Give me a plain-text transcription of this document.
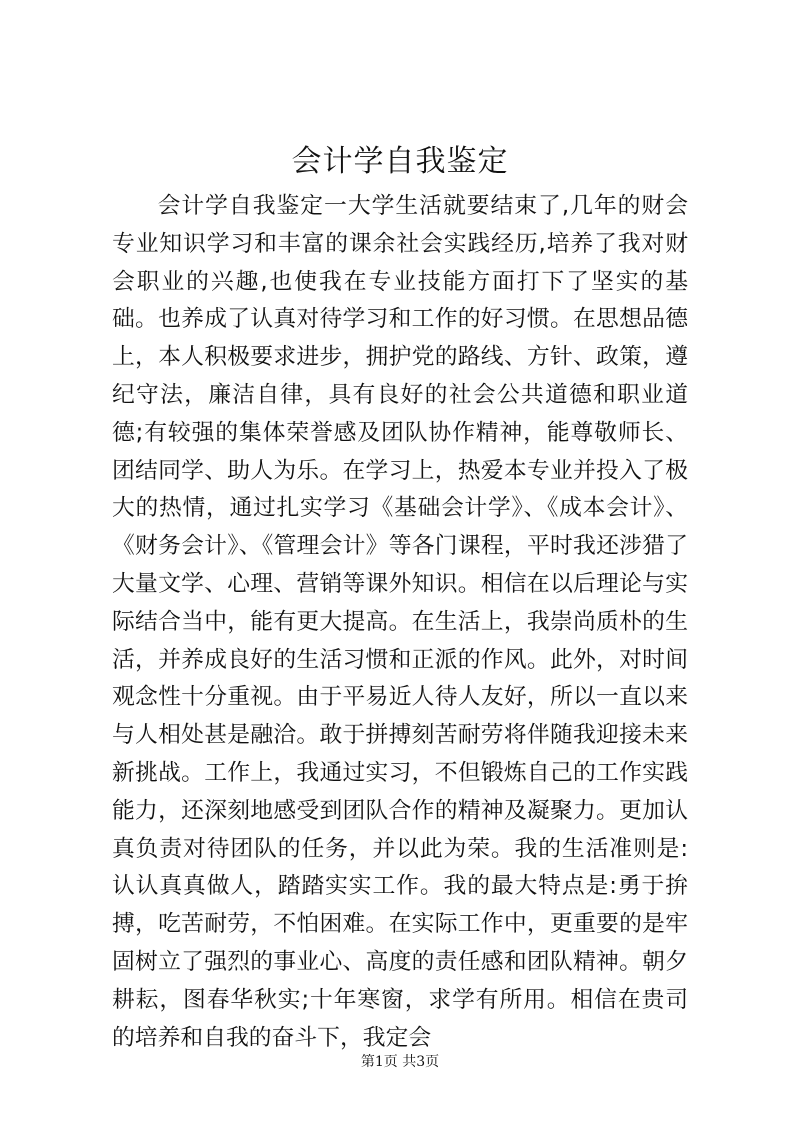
会计学自我鉴定

会计学自我鉴定一大学生活就要结束了,几年的财会专业知识学习和丰富的课余社会实践经历,培养了我对财会职业的兴趣,也使我在专业技能方面打下了坚实的基础。也养成了认真对待学习和工作的好习惯。在思想品德上，本人积极要求进步，拥护党的路线、方针、政策，遵纪守法，廉洁自律，具有良好的社会公共道德和职业道德;有较强的集体荣誉感及团队协作精神，能尊敬师长、团结同学、助人为乐。在学习上，热爱本专业并投入了极大的热情，通过扎实学习《基础会计学》、《成本会计》、《财务会计》、《管理会计》等各门课程，平时我还涉猎了大量文学、心理、营销等课外知识。相信在以后理论与实际结合当中，能有更大提高。在生活上，我崇尚质朴的生活，并养成良好的生活习惯和正派的作风。此外，对时间观念性十分重视。由于平易近人待人友好，所以一直以来与人相处甚是融洽。敢于拼搏刻苦耐劳将伴随我迎接未来新挑战。工作上，我通过实习，不但锻炼自己的工作实践能力，还深刻地感受到团队合作的精神及凝聚力。更加认真负责对待团队的任务，并以此为荣。我的生活准则是:认认真真做人，踏踏实实工作。我的最大特点是:勇于拚搏，吃苦耐劳，不怕困难。在实际工作中，更重要的是牢固树立了强烈的事业心、高度的责任感和团队精神。朝夕耕耘，图春华秋实;十年寒窗，求学有所用。相信在贵司的培养和自我的奋斗下，我定会

第1页 共3页
